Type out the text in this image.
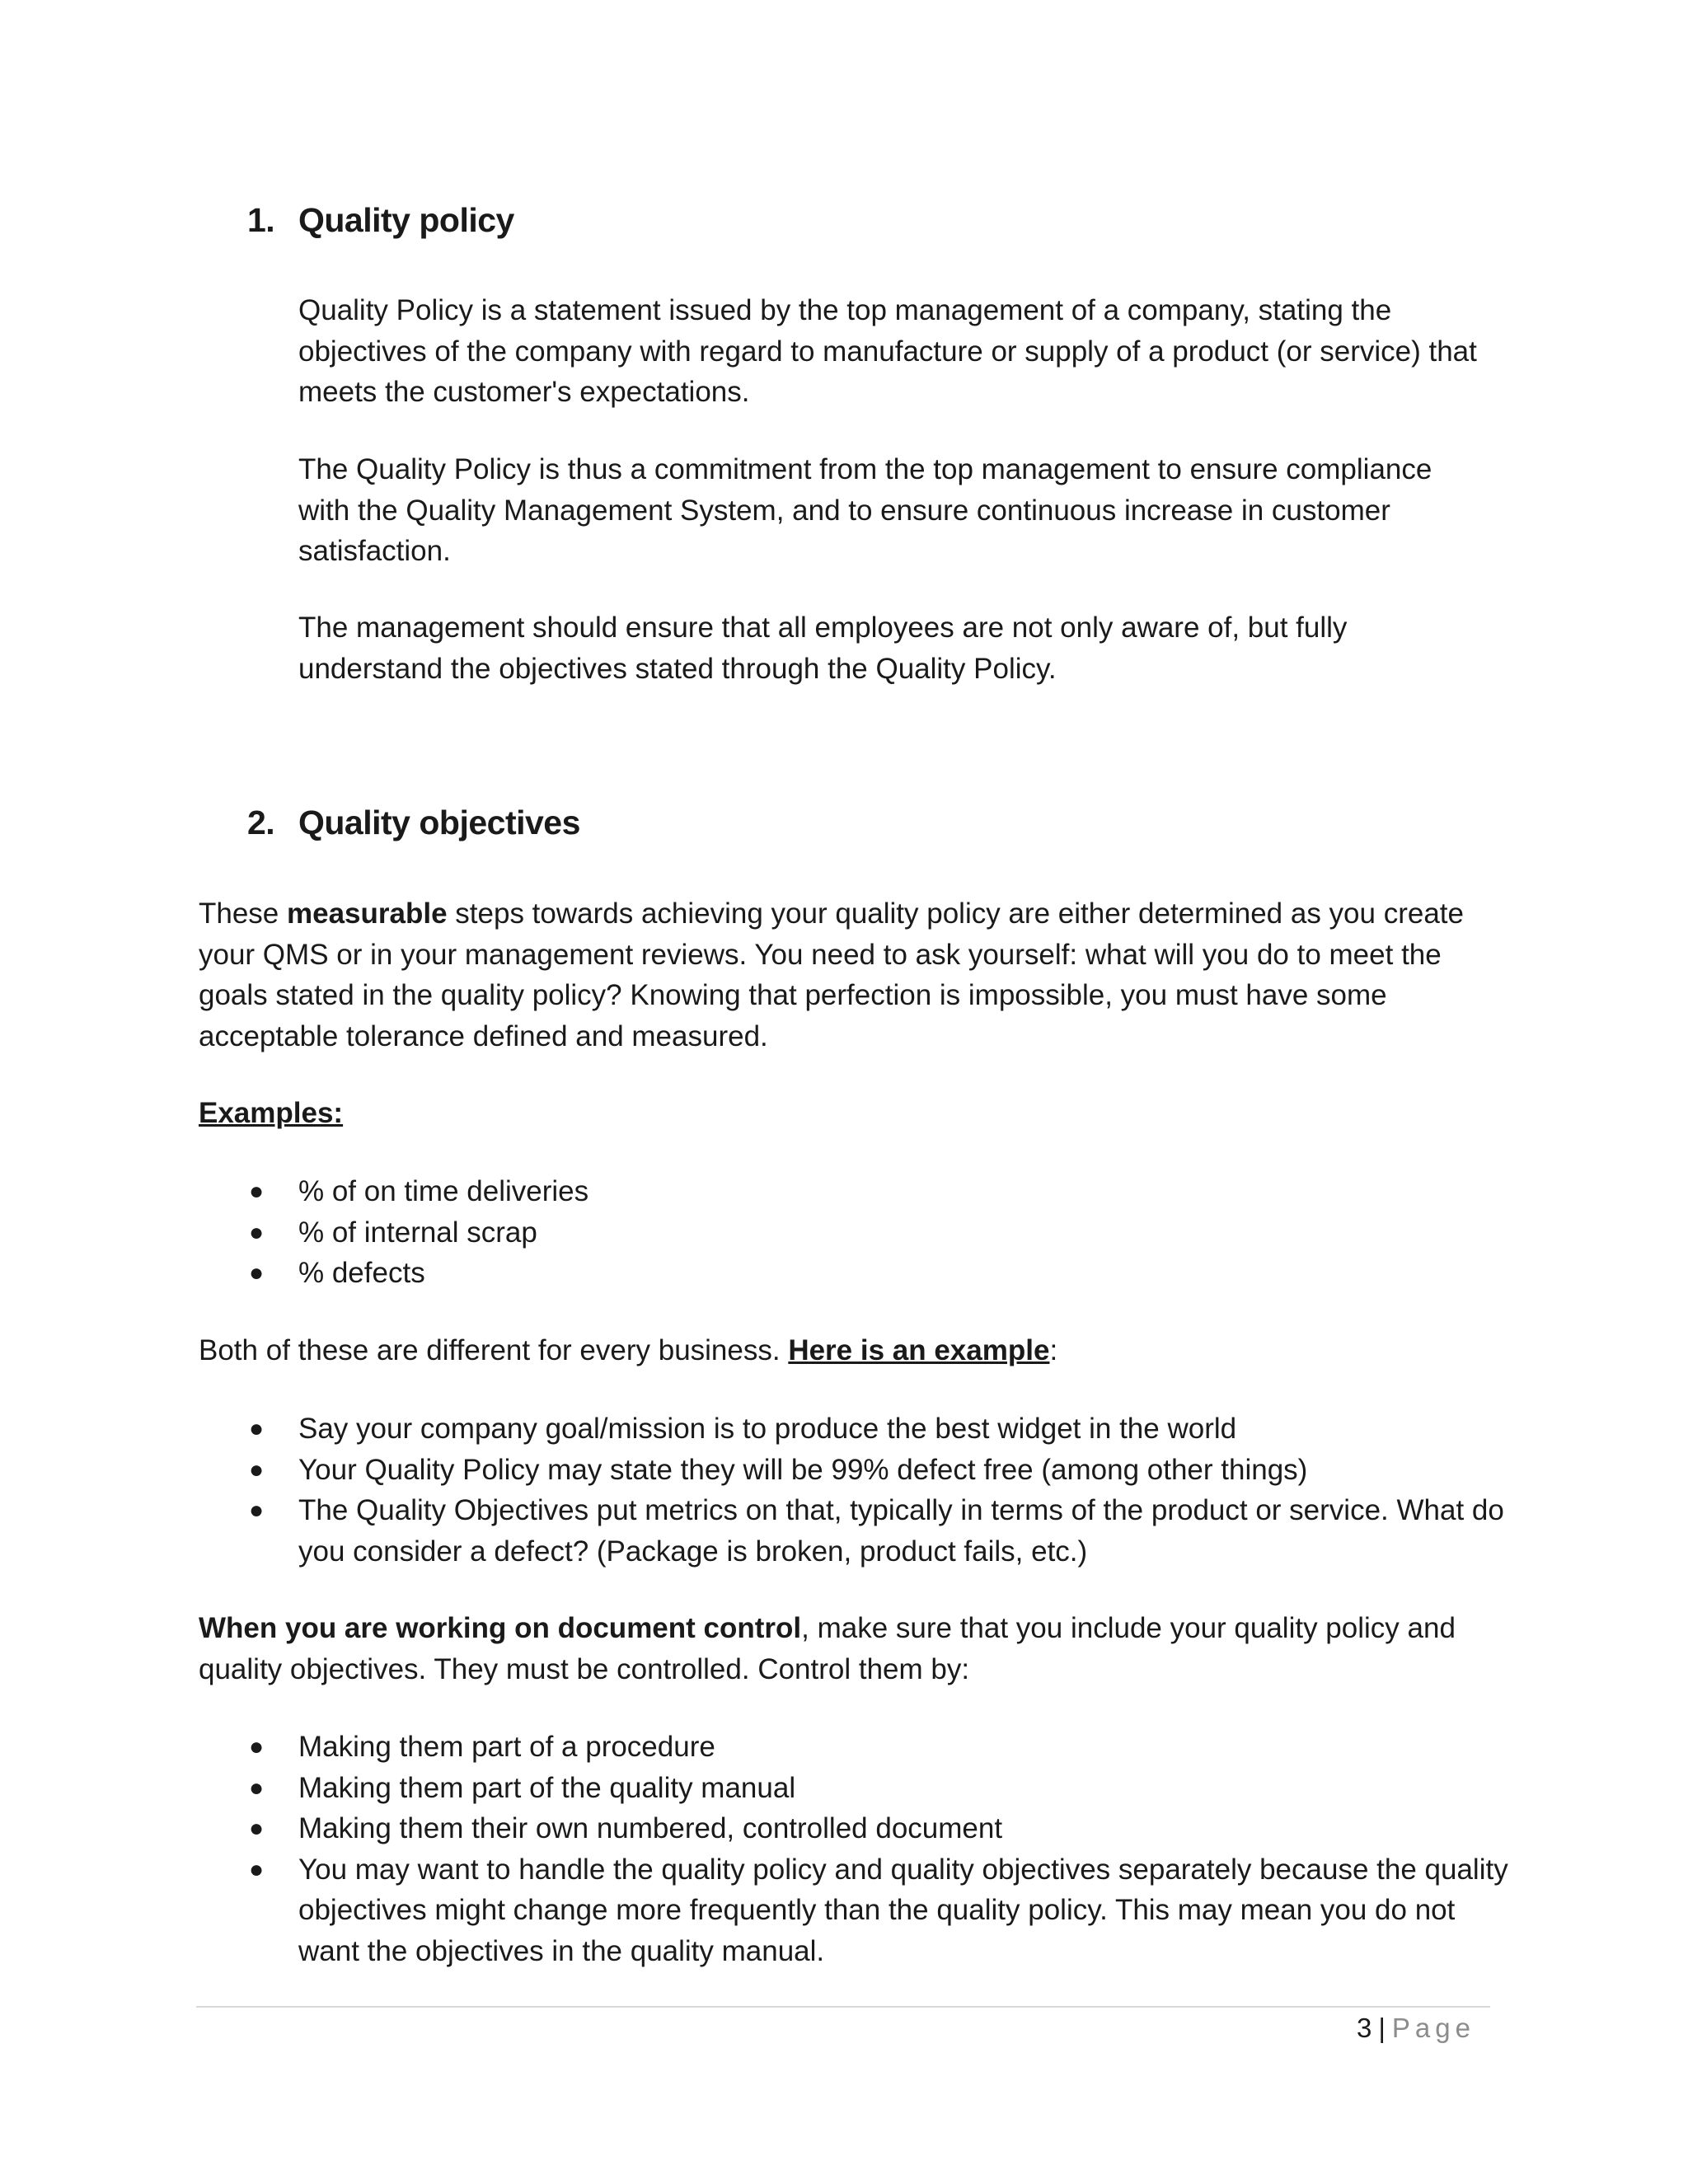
1. Quality policy

Quality Policy is a statement issued by the top management of a company, stating the objectives of the company with regard to manufacture or supply of a product (or service) that meets the customer's expectations.

The Quality Policy is thus a commitment from the top management to ensure compliance with the Quality Management System, and to ensure continuous increase in customer satisfaction.

The management should ensure that all employees are not only aware of, but fully understand the objectives stated through the Quality Policy.

2. Quality objectives

These measurable steps towards achieving your quality policy are either determined as you create your QMS or in your management reviews. You need to ask yourself: what will you do to meet the goals stated in the quality policy? Knowing that perfection is impossible, you must have some acceptable tolerance defined and measured.

Examples:

● % of on time deliveries
● % of internal scrap
● % defects

Both of these are different for every business. Here is an example:

● Say your company goal/mission is to produce the best widget in the world
● Your Quality Policy may state they will be 99% defect free (among other things)
● The Quality Objectives put metrics on that, typically in terms of the product or service. What do you consider a defect? (Package is broken, product fails, etc.)

When you are working on document control, make sure that you include your quality policy and quality objectives. They must be controlled. Control them by:

● Making them part of a procedure
● Making them part of the quality manual
● Making them their own numbered, controlled document
● You may want to handle the quality policy and quality objectives separately because the quality objectives might change more frequently than the quality policy. This may mean you do not want the objectives in the quality manual.
3 | Page
